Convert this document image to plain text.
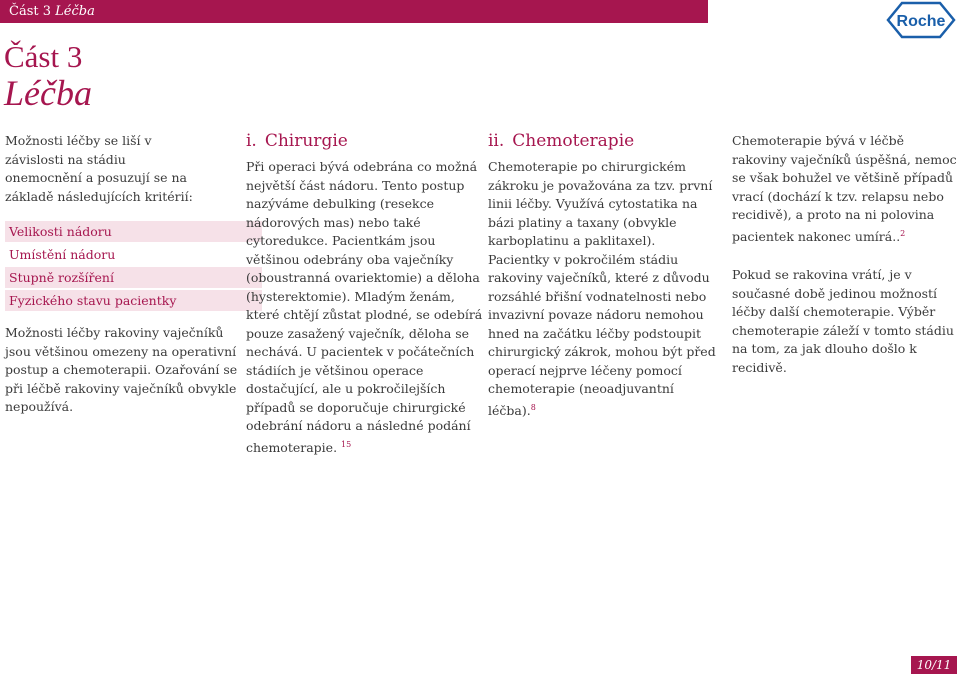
Část 3 Léčba
Roche
Část 3
Léčba

Možnosti léčby se liší v závislosti na stádiu onemocnění a posuzují se na základě následujících kritérií:

Velikosti nádoru
Umístění nádoru
Stupně rozšíření
Fyzického stavu pacientky

Možnosti léčby rakoviny vaječníků jsou většinou omezeny na operativní postup a chemoterapii. Ozařování se při léčbě rakoviny vaječníků obvykle nepoužívá.

i. Chirurgie

Při operaci bývá odebrána co možná největší část nádoru. Tento postup nazýváme debulking (resekce nádorových mas) nebo také cytoredukce. Pacientkám jsou většinou odebrány oba vaječníky (oboustranná ovariektomie) a děloha (hysterektomie). Mladým ženám, které chtějí zůstat plodné, se odebírá pouze zasažený vaječník, děloha se nechává. U pacientek v počátečních stádiích je většinou operace dostačující, ale u pokročilejších případů se doporučuje chirurgické odebrání nádoru a následné podání chemoterapie. $^{15}$

ii. Chemoterapie

Chemoterapie po chirurgickém zákroku je považována za tzv. první linii léčby. Využívá cytostatika na bázi platiny a taxany (obvykle karboplatinu a paklitaxel). Pacientky v pokročilém stádiu rakoviny vaječníků, které z důvodu rozsáhlé břišní vodnatelnosti nebo invazivní povaze nádoru nemohou hned na začátku léčby podstoupit chirurgický zákrok, mohou být před operací nejprve léčeny pomocí chemoterapie (neoadjuvantní léčba).$^8$

Chemoterapie bývá v léčbě rakoviny vaječníků úspěšná, nemoc se však bohužel ve většině případů vrací (dochází k tzv. relapsu nebo recidivě), a proto na ni polovina pacientek nakonec umírá..$^2$

Pokud se rakovina vrátí, je v současné době jedinou možností léčby další chemoterapie. Výběr chemoterapie záleží v tomto stádiu na tom, za jak dlouho došlo k recidivě.

10/11
